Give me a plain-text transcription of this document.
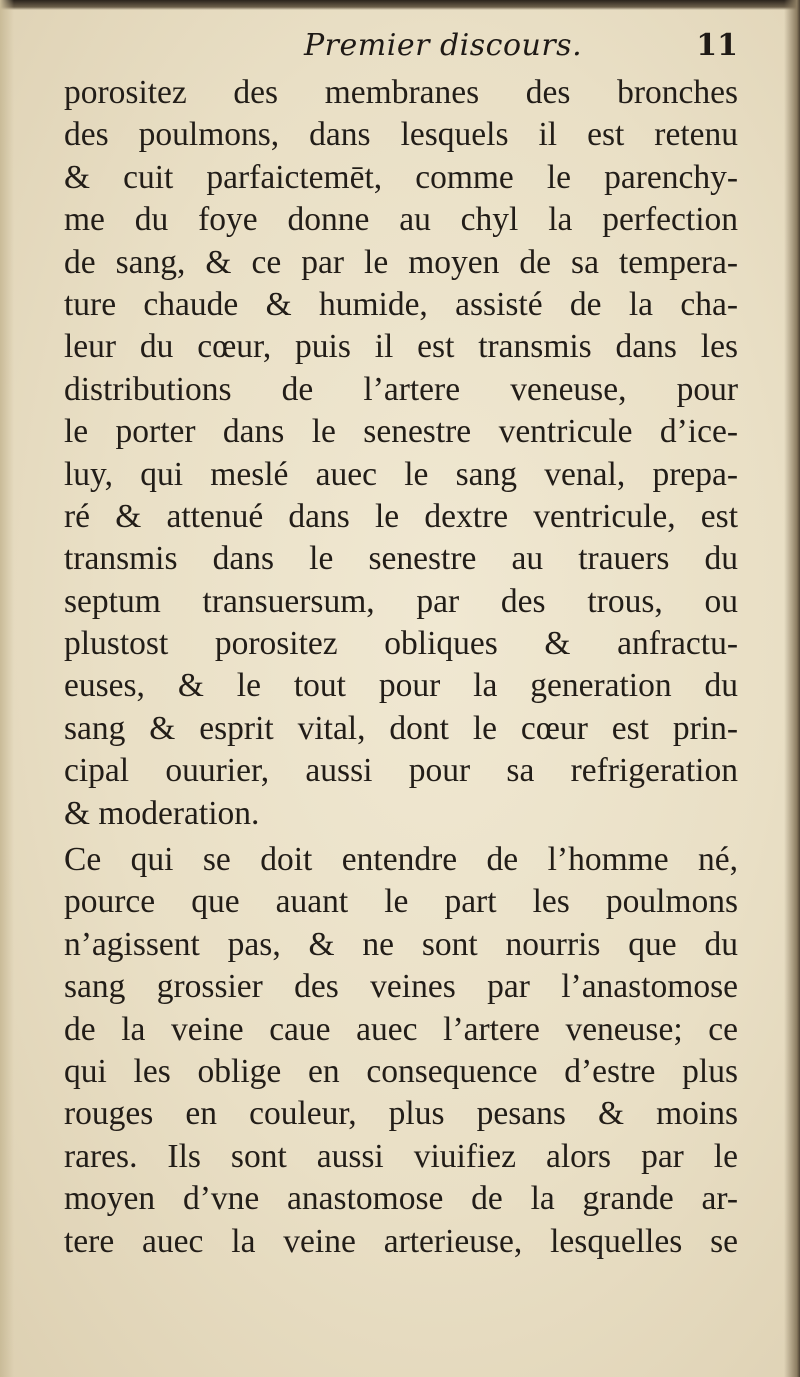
Premier discours.	11
porositez des membranes des bronches
des poulmons, dans lesquels il est retenu
& cuit parfaictemēt, comme le parenchy-
me du foye donne au chyl la perfection
de sang, & ce par le moyen de sa tempera-
ture chaude & humide, assisté de la cha-
leur du cœur, puis il est transmis dans les
distributions de l’artere veneuse, pour
le porter dans le senestre ventricule d’ice-
luy, qui meslé auec le sang venal, prepa-
ré & attenué dans le dextre ventricule, est
transmis dans le senestre au trauers du
septum transuersum, par des trous, ou
plustost porositez obliques & anfractu-
euses, & le tout pour la generation du
sang & esprit vital, dont le cœur est prin-
cipal ouurier, aussi pour sa refrigeration
& moderation.
Ce qui se doit entendre de l’homme né,
pource que auant le part les poulmons
n’agissent pas, & ne sont nourris que du
sang grossier des veines par l’anastomose
de la veine caue auec l’artere veneuse; ce
qui les oblige en consequence d’estre plus
rouges en couleur, plus pesans & moins
rares. Ils sont aussi viuifiez alors par le
moyen d’vne anastomose de la grande ar-
tere auec la veine arterieuse, lesquelles se
